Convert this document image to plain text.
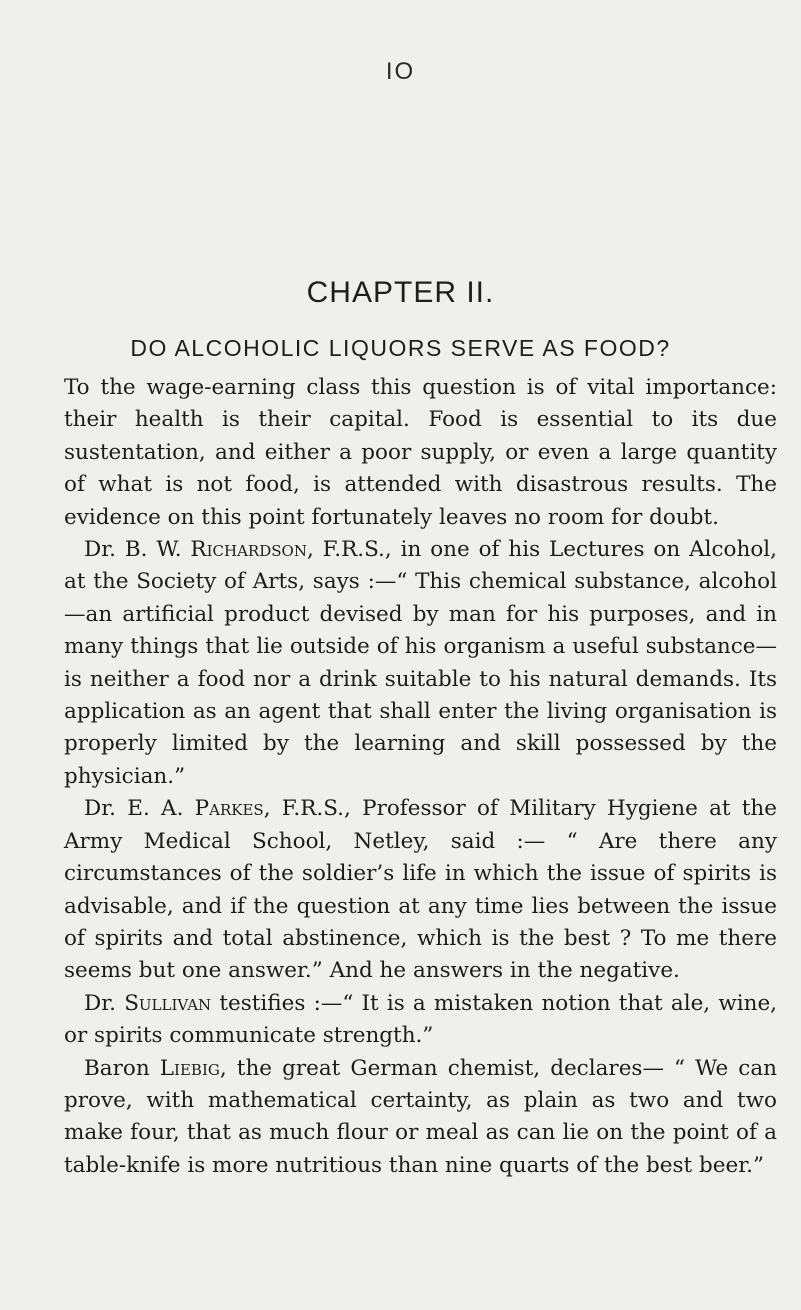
IO
CHAPTER II.
DO ALCOHOLIC LIQUORS SERVE AS FOOD?

To the wage-earning class this question is of vital importance: their health is their capital. Food is essential to its due sustentation, and either a poor supply, or even a large quantity of what is not food, is attended with disastrous results. The evidence on this point fortunately leaves no room for doubt.

Dr. B. W. Richardson, F.R.S., in one of his Lectures on Alcohol, at the Society of Arts, says :—“ This chemical substance, alcohol—an artificial product devised by man for his purposes, and in many things that lie outside of his organism a useful substance—is neither a food nor a drink suitable to his natural demands. Its application as an agent that shall enter the living organisation is properly limited by the learning and skill possessed by the physician.”

Dr. E. A. Parkes, F.R.S., Professor of Military Hygiene at the Army Medical School, Netley, said :— “ Are there any circumstances of the soldier’s life in which the issue of spirits is advisable, and if the question at any time lies between the issue of spirits and total abstinence, which is the best ? To me there seems but one answer.” And he answers in the negative.

Dr. Sullivan testifies :—“ It is a mistaken notion that ale, wine, or spirits communicate strength.”

Baron Liebig, the great German chemist, declares— “ We can prove, with mathematical certainty, as plain as two and two make four, that as much flour or meal as can lie on the point of a table-knife is more nutritious than nine quarts of the best beer.”
